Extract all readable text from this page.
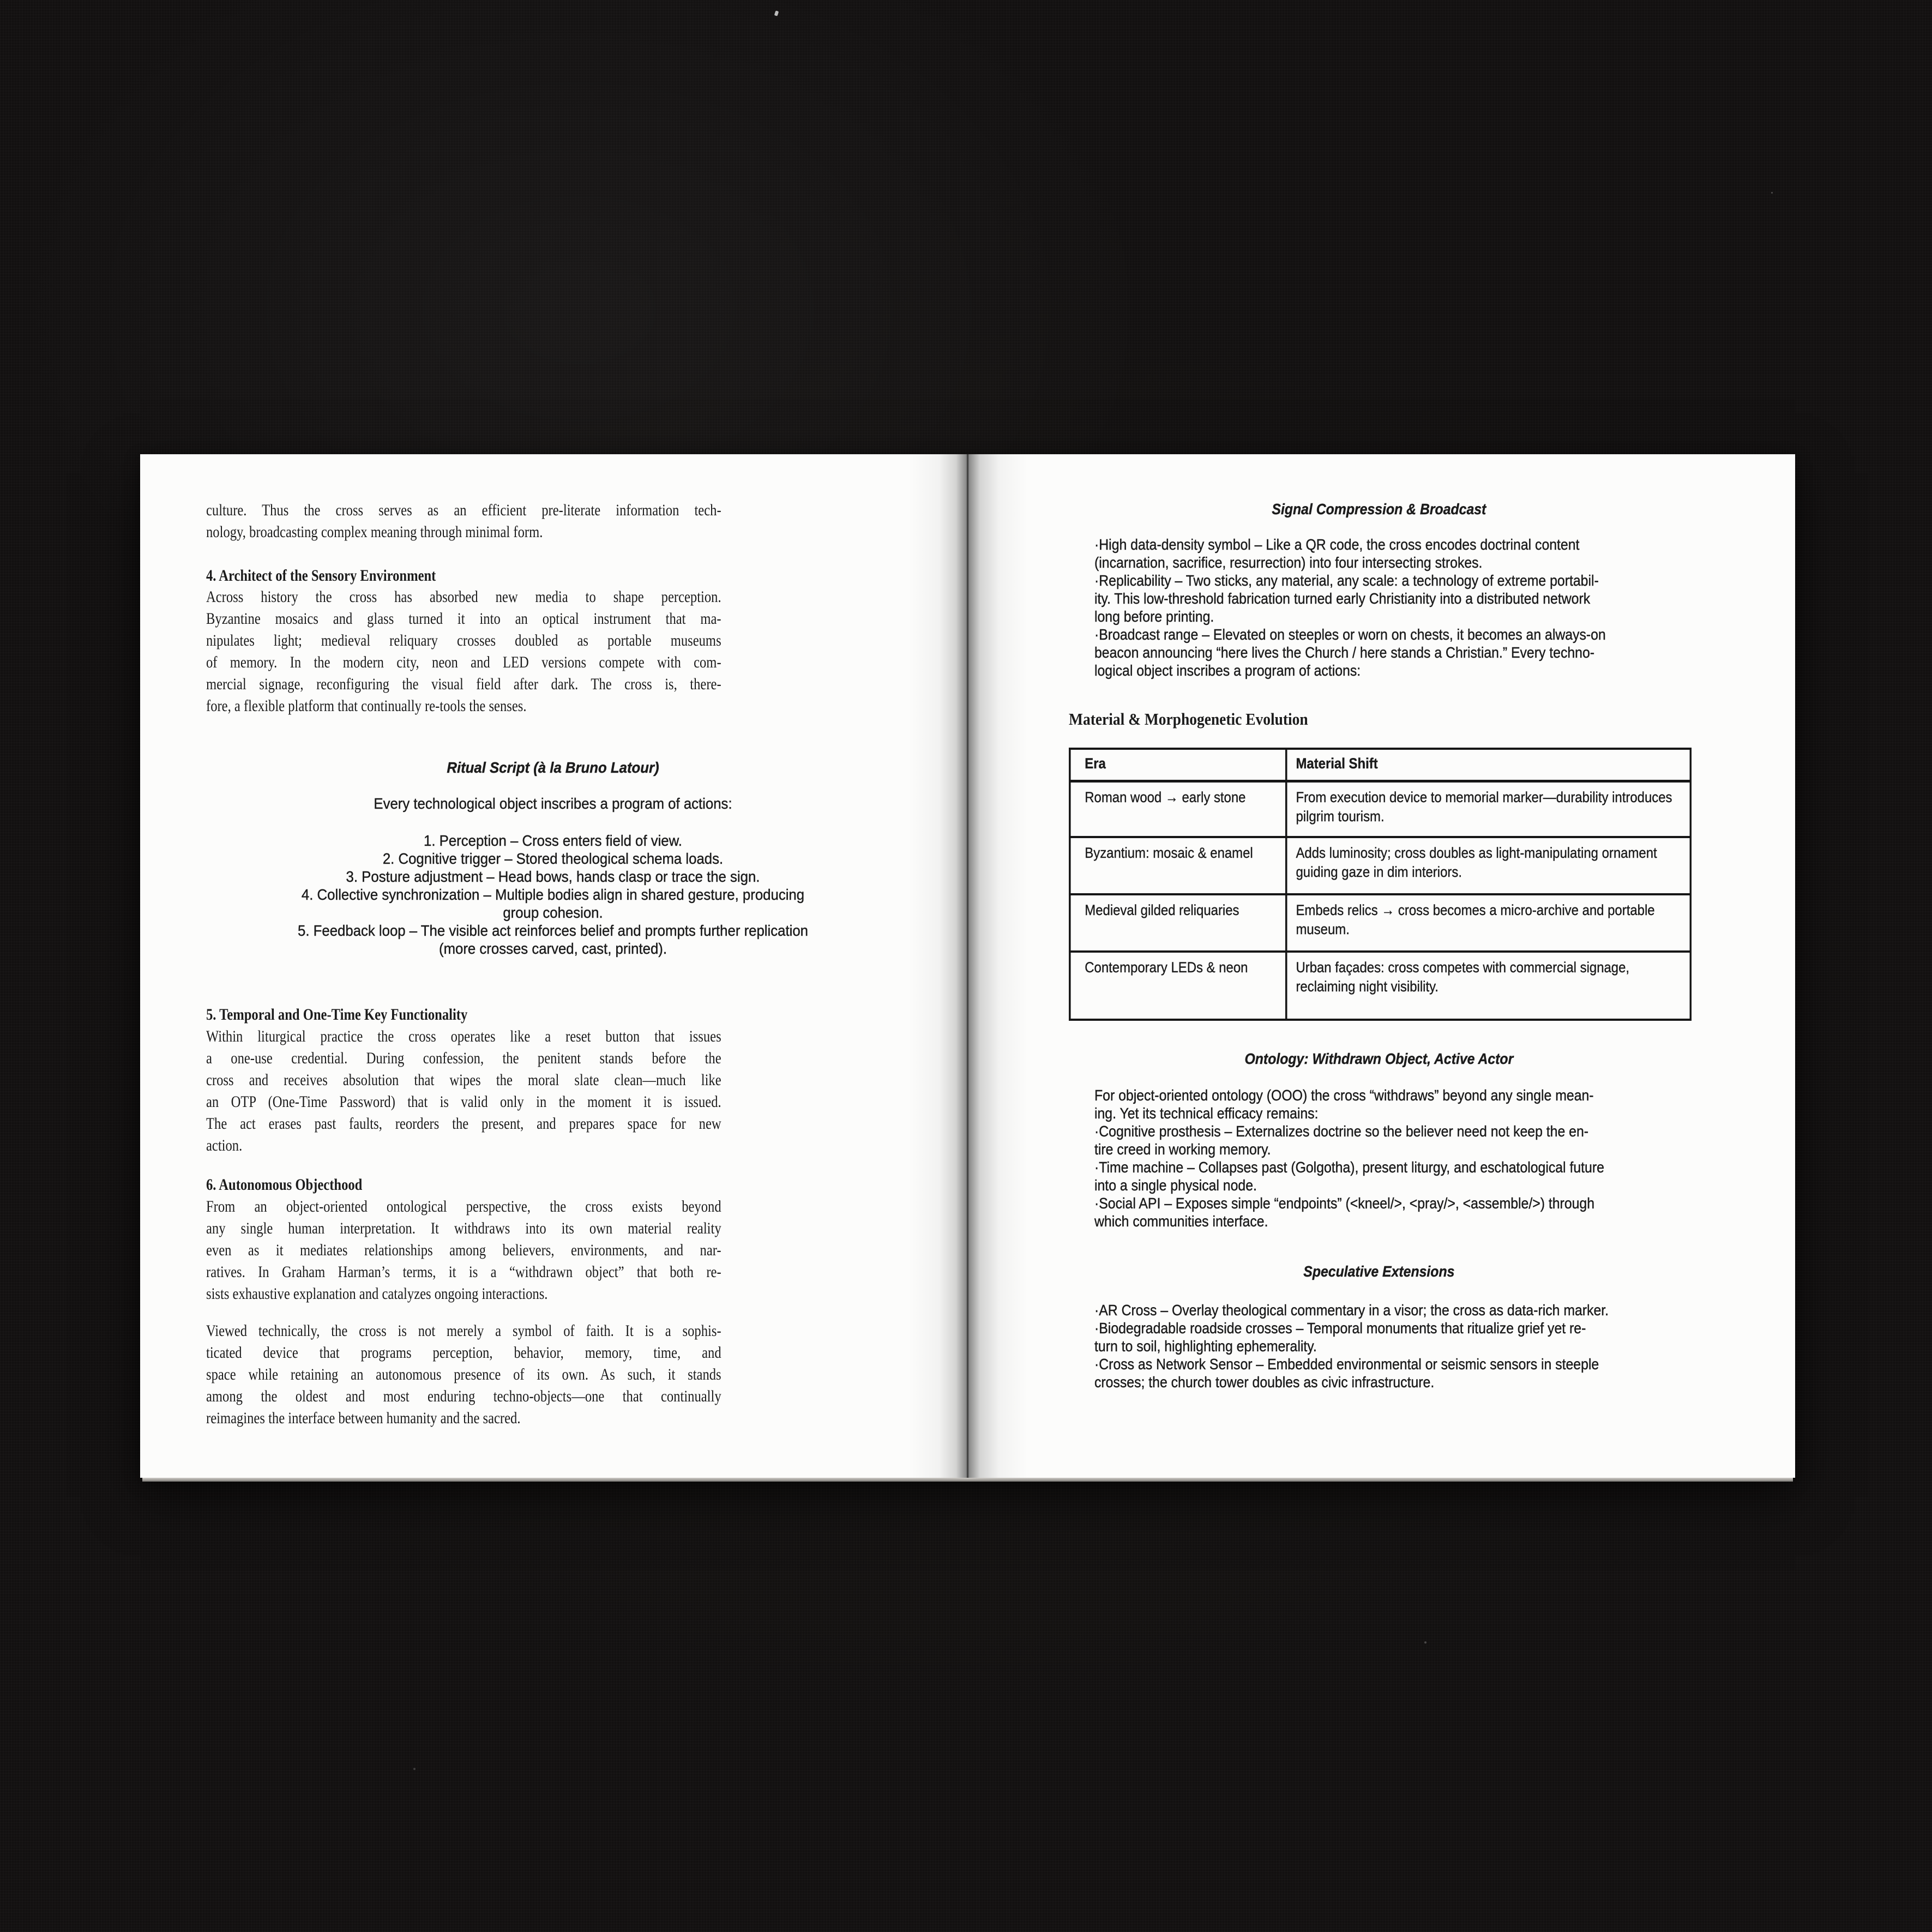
culture. Thus the cross serves as an efficient pre-literate information tech-
nology, broadcasting complex meaning through minimal form.
4. Architect of the Sensory Environment
Across history the cross has absorbed new media to shape perception.
Byzantine mosaics and glass turned it into an optical instrument that ma-
nipulates light; medieval reliquary crosses doubled as portable museums
of memory. In the modern city, neon and LED versions compete with com-
mercial signage, reconfiguring the visual field after dark. The cross is, there-
fore, a flexible platform that continually re-tools the senses.
5. Temporal and One-Time Key Functionality
Within liturgical practice the cross operates like a reset button that issues
a one-use credential. During confession, the penitent stands before the
cross and receives absolution that wipes the moral slate clean—much like
an OTP (One-Time Password) that is valid only in the moment it is issued.
The act erases past faults, reorders the present, and prepares space for new
action.
6. Autonomous Objecthood
From an object-oriented ontological perspective, the cross exists beyond
any single human interpretation. It withdraws into its own material reality
even as it mediates relationships among believers, environments, and nar-
ratives. In Graham Harman’s terms, it is a “withdrawn object” that both re-
sists exhaustive explanation and catalyzes ongoing interactions.
Viewed technically, the cross is not merely a symbol of faith. It is a sophis-
ticated device that programs perception, behavior, memory, time, and
space while retaining an autonomous presence of its own. As such, it stands
among the oldest and most enduring techno-objects—one that continually
reimagines the interface between humanity and the sacred.
Ritual Script (à la Bruno Latour)
Every technological object inscribes a program of actions:
1. Perception – Cross enters field of view.
2. Cognitive trigger – Stored theological schema loads.
3. Posture adjustment – Head bows, hands clasp or trace the sign.
4. Collective synchronization – Multiple bodies align in shared gesture, producing
group cohesion.
5. Feedback loop – The visible act reinforces belief and prompts further replication
(more crosses carved, cast, printed).
Signal Compression & Broadcast
·High data-density symbol – Like a QR code, the cross encodes doctrinal content
(incarnation, sacrifice, resurrection) into four intersecting strokes.
·Replicability – Two sticks, any material, any scale: a technology of extreme portabil-
ity. This low-threshold fabrication turned early Christianity into a distributed network
long before printing.
·Broadcast range – Elevated on steeples or worn on chests, it becomes an always-on
beacon announcing “here lives the Church / here stands a Christian.” Every techno-
logical object inscribes a program of actions:
Material & Morphogenetic Evolution
Era	Material Shift
Roman wood → early stone	From execution device to memorial marker—durability introduces pilgrim tourism.
Byzantium: mosaic & enamel	Adds luminosity; cross doubles as light-manipulating ornament guiding gaze in dim interiors.
Medieval gilded reliquaries	Embeds relics → cross becomes a micro-archive and portable museum.
Contemporary LEDs & neon	Urban façades: cross competes with commercial signage, reclaiming night visibility.
Ontology: Withdrawn Object, Active Actor
For object-oriented ontology (OOO) the cross “withdraws” beyond any single mean-
ing. Yet its technical efficacy remains:
·Cognitive prosthesis – Externalizes doctrine so the believer need not keep the en-
tire creed in working memory.
·Time machine – Collapses past (Golgotha), present liturgy, and eschatological future
into a single physical node.
·Social API – Exposes simple “endpoints” (<kneel/>, <pray/>, <assemble/>) through
which communities interface.
Speculative Extensions
·AR Cross – Overlay theological commentary in a visor; the cross as data-rich marker.
·Biodegradable roadside crosses – Temporal monuments that ritualize grief yet re-
turn to soil, highlighting ephemerality.
·Cross as Network Sensor – Embedded environmental or seismic sensors in steeple
crosses; the church tower doubles as civic infrastructure.
